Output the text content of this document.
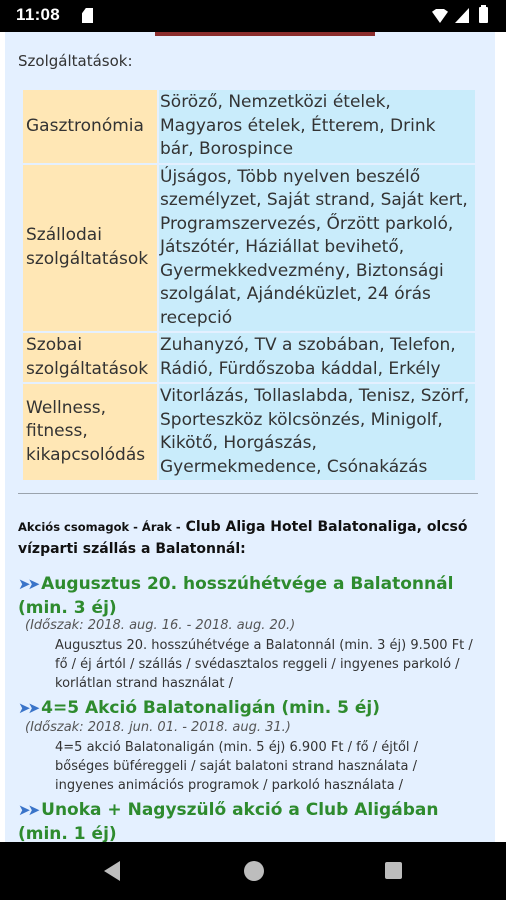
11:08
Szolgáltatások:
Gasztronómia	Söröző, Nemzetközi ételek, Magyaros ételek, Étterem, Drink bár, Borospince
Szállodai szolgáltatások	Újságos, Több nyelven beszélő személyzet, Saját strand, Saját kert, Programszervezés, Őrzött parkoló, Játszótér, Háziállat bevihető, Gyermekkedvezmény, Biztonsági szolgálat, Ajándéküzlet, 24 órás recepció
Szobai szolgáltatások	Zuhanyzó, TV a szobában, Telefon, Rádió, Fürdőszoba káddal, Erkély
Wellness, fitness, kikapcsolódás	Vitorlázás, Tollaslabda, Tenisz, Szörf, Sporteszköz kölcsönzés, Minigolf, Kikötő, Horgászás, Gyermekmedence, Csónakázás
Akciós csomagok - Árak - Club Aliga Hotel Balatonaliga, olcsó vízparti szállás a Balatonnál:
➤➤ Augusztus 20. hosszúhétvége a Balatonnál (min. 3 éj)
(Időszak: 2018. aug. 16. - 2018. aug. 20.)
Augusztus 20. hosszúhétvége a Balatonnál (min. 3 éj) 9.500 Ft / fő / éj ártól / szállás / svédasztalos reggeli / ingyenes parkoló / korlátlan strand használat /
➤➤ 4=5 Akció Balatonaligán (min. 5 éj)
(Időszak: 2018. jun. 01. - 2018. aug. 31.)
4=5 akció Balatonaligán (min. 5 éj) 6.900 Ft / fő / éjtől / bőséges büféreggeli / saját balatoni strand használata / ingyenes animációs programok / parkoló használata /
➤➤ Unoka + Nagyszülő akció a Club Aligában (min. 1 éj)
